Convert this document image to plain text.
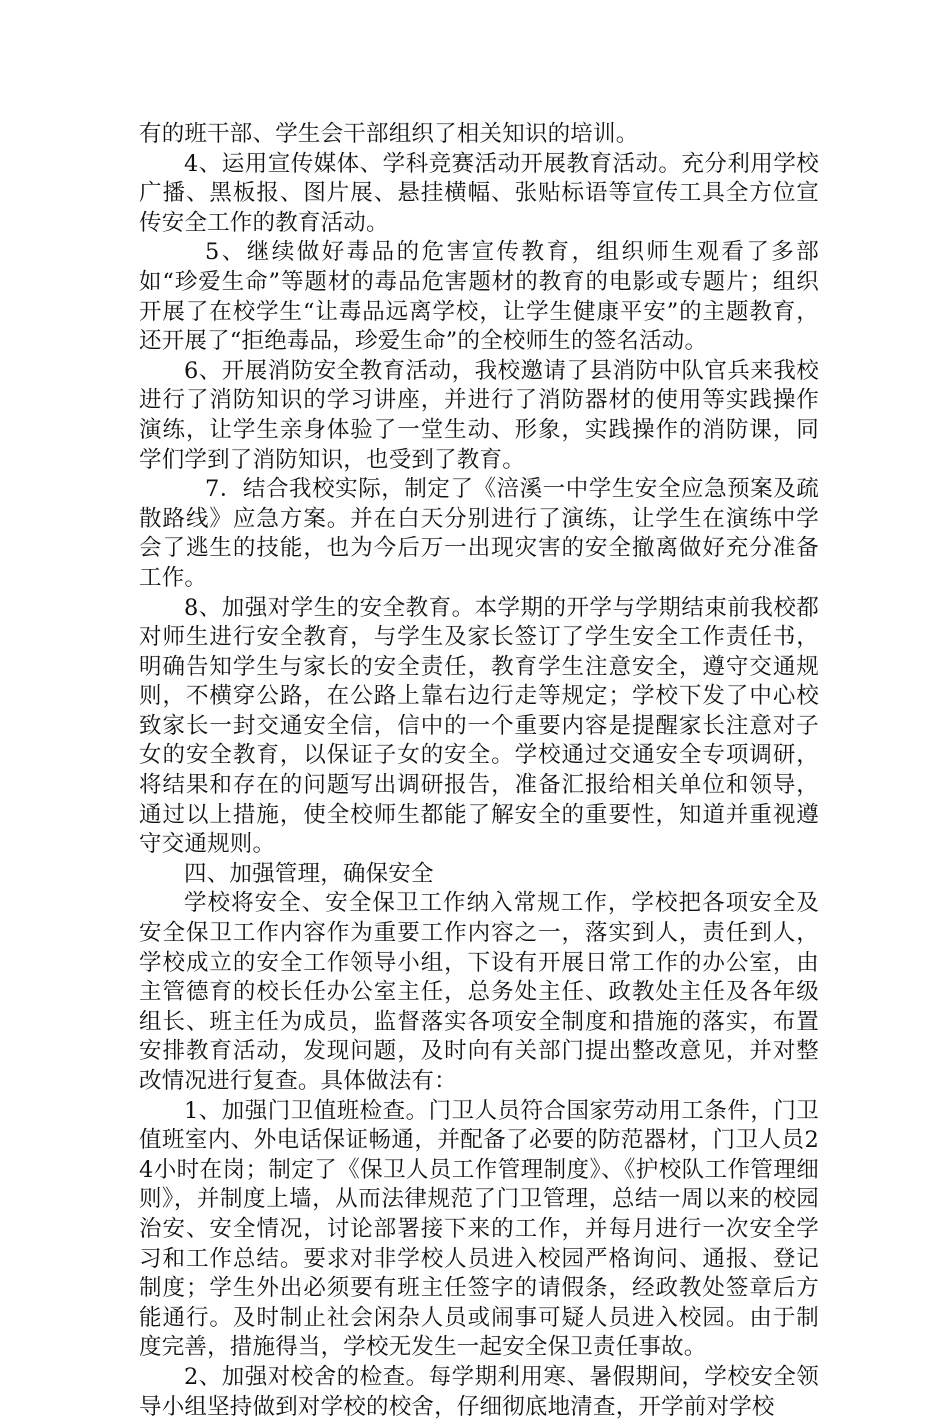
有的班干部、学生会干部组织了相关知识的培训。

4、运用宣传媒体、学科竞赛活动开展教育活动。充分利用学校广播、黑板报、图片展、悬挂横幅、张贴标语等宣传工具全方位宣传安全工作的教育活动。

5、继续做好毒品的危害宣传教育，组织师生观看了多部如“珍爱生命”等题材的毒品危害题材的教育的电影或专题片；组织开展了在校学生“让毒品远离学校，让学生健康平安”的主题教育，还开展了“拒绝毒品，珍爱生命”的全校师生的签名活动。

6、开展消防安全教育活动，我校邀请了县消防中队官兵来我校进行了消防知识的学习讲座，并进行了消防器材的使用等实践操作演练，让学生亲身体验了一堂生动、形象，实践操作的消防课，同学们学到了消防知识，也受到了教育。

7．结合我校实际，制定了《涪溪一中学生安全应急预案及疏散路线》应急方案。并在白天分别进行了演练，让学生在演练中学会了逃生的技能，也为今后万一出现灾害的安全撤离做好充分准备工作。

8、加强对学生的安全教育。本学期的开学与学期结束前我校都对师生进行安全教育，与学生及家长签订了学生安全工作责任书，明确告知学生与家长的安全责任，教育学生注意安全，遵守交通规则，不横穿公路，在公路上靠右边行走等规定；学校下发了中心校致家长一封交通安全信，信中的一个重要内容是提醒家长注意对子女的安全教育，以保证子女的安全。学校通过交通安全专项调研，将结果和存在的问题写出调研报告，准备汇报给相关单位和领导，通过以上措施，使全校师生都能了解安全的重要性，知道并重视遵守交通规则。

四、加强管理，确保安全

学校将安全、安全保卫工作纳入常规工作，学校把各项安全及安全保卫工作内容作为重要工作内容之一，落实到人，责任到人，学校成立的安全工作领导小组，下设有开展日常工作的办公室，由主管德育的校长任办公室主任，总务处主任、政教处主任及各年级组长、班主任为成员，监督落实各项安全制度和措施的落实，布置安排教育活动，发现问题，及时向有关部门提出整改意见，并对整改情况进行复查。具体做法有：

1、加强门卫值班检查。门卫人员符合国家劳动用工条件，门卫值班室内、外电话保证畅通，并配备了必要的防范器材，门卫人员24小时在岗；制定了《保卫人员工作管理制度》、《护校队工作管理细则》，并制度上墙，从而法律规范了门卫管理，总结一周以来的校园治安、安全情况，讨论部署接下来的工作，并每月进行一次安全学习和工作总结。要求对非学校人员进入校园严格询问、通报、登记制度；学生外出必须要有班主任签字的请假条，经政教处签章后方能通行。及时制止社会闲杂人员或闹事可疑人员进入校园。由于制度完善，措施得当，学校无发生一起安全保卫责任事故。

2、加强对校舍的检查。每学期利用寒、暑假期间，学校安全领导小组坚持做到对学校的校舍，仔细彻底地清查，开学前对学校
